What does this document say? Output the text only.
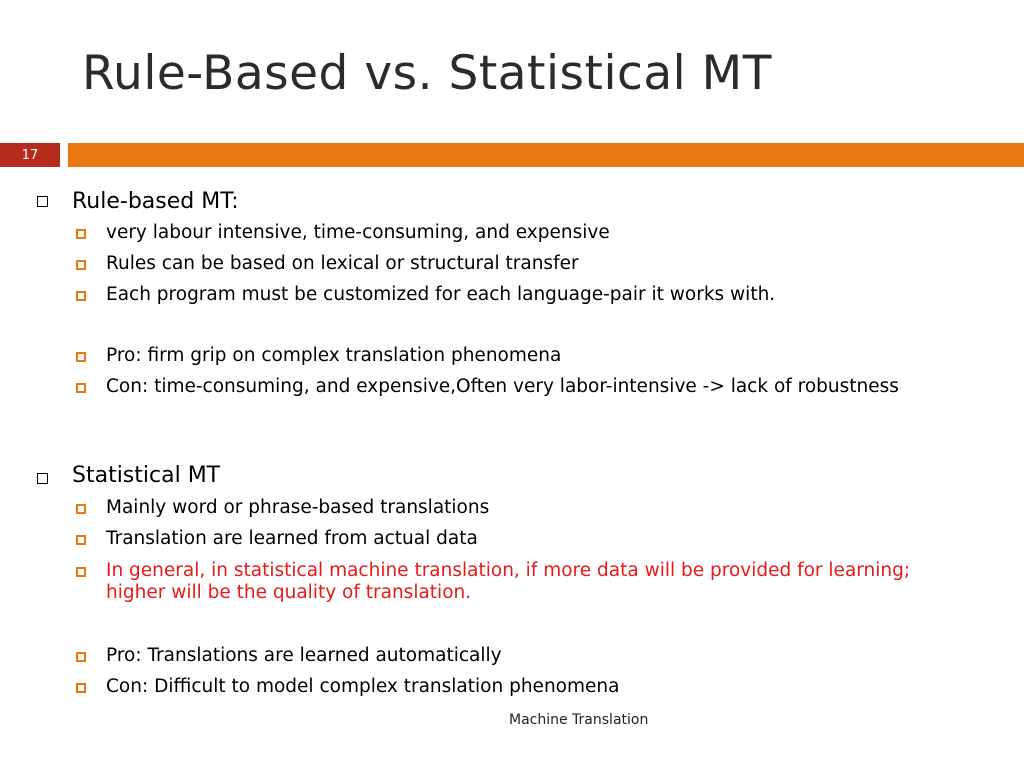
Rule-Based vs. Statistical MT
17
Rule-based MT:
very labour intensive, time-consuming, and expensive
Rules can be based on lexical or structural transfer
Each program must be customized for each language-pair it works with.
Pro: firm grip on complex translation phenomena
Con: time-consuming, and expensive,Often very labor-intensive -> lack of robustness
Statistical MT
Mainly word or phrase-based translations
Translation are learned from actual data
In general, in statistical machine translation, if more data will be provided for learning; higher will be the quality of translation.
Pro: Translations are learned automatically
Con: Difficult to model complex translation phenomena
Machine Translation
